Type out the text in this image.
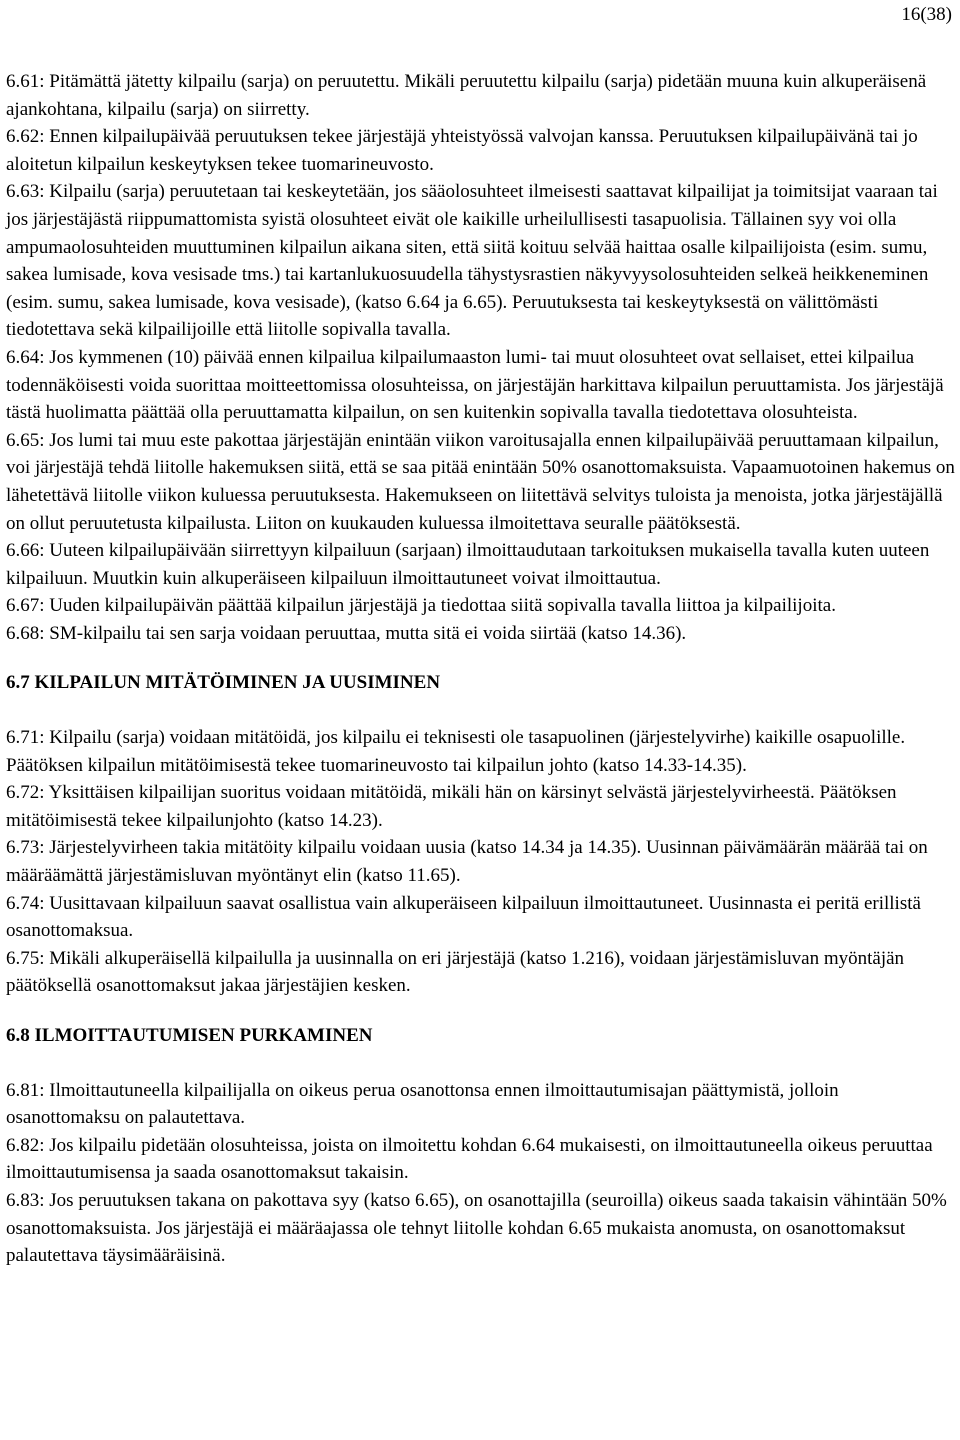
16(38)

6.61: Pitämättä jätetty kilpailu (sarja) on peruutettu. Mikäli peruutettu kilpailu (sarja) pidetään muuna kuin alkuperäisenä ajankohtana, kilpailu (sarja) on siirretty.

6.62: Ennen kilpailupäivää peruutuksen tekee järjestäjä yhteistyössä valvojan kanssa. Peruutuksen kilpailupäivänä tai jo aloitetun kilpailun keskeytyksen tekee tuomarineuvosto.

6.63: Kilpailu (sarja) peruutetaan tai keskeytetään, jos sääolosuhteet ilmeisesti saattavat kilpailijat ja toimitsijat vaaraan tai jos järjestäjästä riippumattomista syistä olosuhteet eivät ole kaikille urheilullisesti tasapuolisia. Tällainen syy voi olla ampumaolosuhteiden muuttuminen kilpailun aikana siten, että siitä koituu selvää haittaa osalle kilpailijoista (esim. sumu, sakea lumisade, kova vesisade tms.) tai kartanlukuosuudella tähystysrastien näkyvyysolosuhteiden selkeä heikkeneminen (esim. sumu, sakea lumisade, kova vesisade), (katso 6.64 ja 6.65). Peruutuksesta tai keskeytyksestä on välittömästi tiedotettava sekä kilpailijoille että liitolle sopivalla tavalla.

6.64: Jos kymmenen (10) päivää ennen kilpailua kilpailumaaston lumi- tai muut olosuhteet ovat sellaiset, ettei kilpailua todennäköisesti voida suorittaa moitteettomissa olosuhteissa, on järjestäjän harkittava kilpailun peruuttamista. Jos järjestäjä tästä huolimatta päättää olla peruuttamatta kilpailun, on sen kuitenkin sopivalla tavalla tiedotettava olosuhteista.

6.65: Jos lumi tai muu este pakottaa järjestäjän enintään viikon varoitusajalla ennen kilpailupäivää peruuttamaan kilpailun, voi järjestäjä tehdä liitolle hakemuksen siitä, että se saa pitää enintään 50% osanottomaksuista. Vapaamuotoinen hakemus on lähetettävä liitolle viikon kuluessa peruutuksesta. Hakemukseen on liitettävä selvitys tuloista ja menoista, jotka järjestäjällä on ollut peruutetusta kilpailusta. Liiton on kuukauden kuluessa ilmoitettava seuralle päätöksestä.

6.66: Uuteen kilpailupäivään siirrettyyn kilpailuun (sarjaan) ilmoittaudutaan tarkoituksen mukaisella tavalla kuten uuteen kilpailuun. Muutkin kuin alkuperäiseen kilpailuun ilmoittautuneet voivat ilmoittautua.

6.67: Uuden kilpailupäivän päättää kilpailun järjestäjä ja tiedottaa siitä sopivalla tavalla liittoa ja kilpailijoita.

6.68: SM-kilpailu tai sen sarja voidaan peruuttaa, mutta sitä ei voida siirtää (katso 14.36).

6.7 KILPAILUN MITÄTÖIMINEN JA UUSIMINEN

6.71: Kilpailu (sarja) voidaan mitätöidä, jos kilpailu ei teknisesti ole tasapuolinen (järjestelyvirhe) kaikille osapuolille. Päätöksen kilpailun mitätöimisestä tekee tuomarineuvosto tai kilpailun johto (katso 14.33-14.35).

6.72: Yksittäisen kilpailijan suoritus voidaan mitätöidä, mikäli hän on kärsinyt selvästä järjestelyvirheestä. Päätöksen mitätöimisestä tekee kilpailunjohto (katso 14.23).

6.73: Järjestelyvirheen takia mitätöity kilpailu voidaan uusia (katso 14.34 ja 14.35). Uusinnan päivämäärän määrää tai on määräämättä järjestämisluvan myöntänyt elin (katso 11.65).

6.74: Uusittavaan kilpailuun saavat osallistua vain alkuperäiseen kilpailuun ilmoittautuneet. Uusinnasta ei peritä erillistä osanottomaksua.

6.75: Mikäli alkuperäisellä kilpailulla ja uusinnalla on eri järjestäjä (katso 1.216), voidaan järjestämisluvan myöntäjän päätöksellä osanottomaksut jakaa järjestäjien kesken.

6.8 ILMOITTAUTUMISEN PURKAMINEN

6.81: Ilmoittautuneella kilpailijalla on oikeus perua osanottonsa ennen ilmoittautumisajan päättymistä, jolloin osanottomaksu on palautettava.

6.82: Jos kilpailu pidetään olosuhteissa, joista on ilmoitettu kohdan 6.64 mukaisesti, on ilmoittautuneella oikeus peruuttaa ilmoittautumisensa ja saada osanottomaksut takaisin.

6.83: Jos peruutuksen takana on pakottava syy (katso 6.65), on osanottajilla (seuroilla) oikeus saada takaisin vähintään 50% osanottomaksuista. Jos järjestäjä ei määräajassa ole tehnyt liitolle kohdan 6.65 mukaista anomusta, on osanottomaksut palautettava täysimääräisinä.
